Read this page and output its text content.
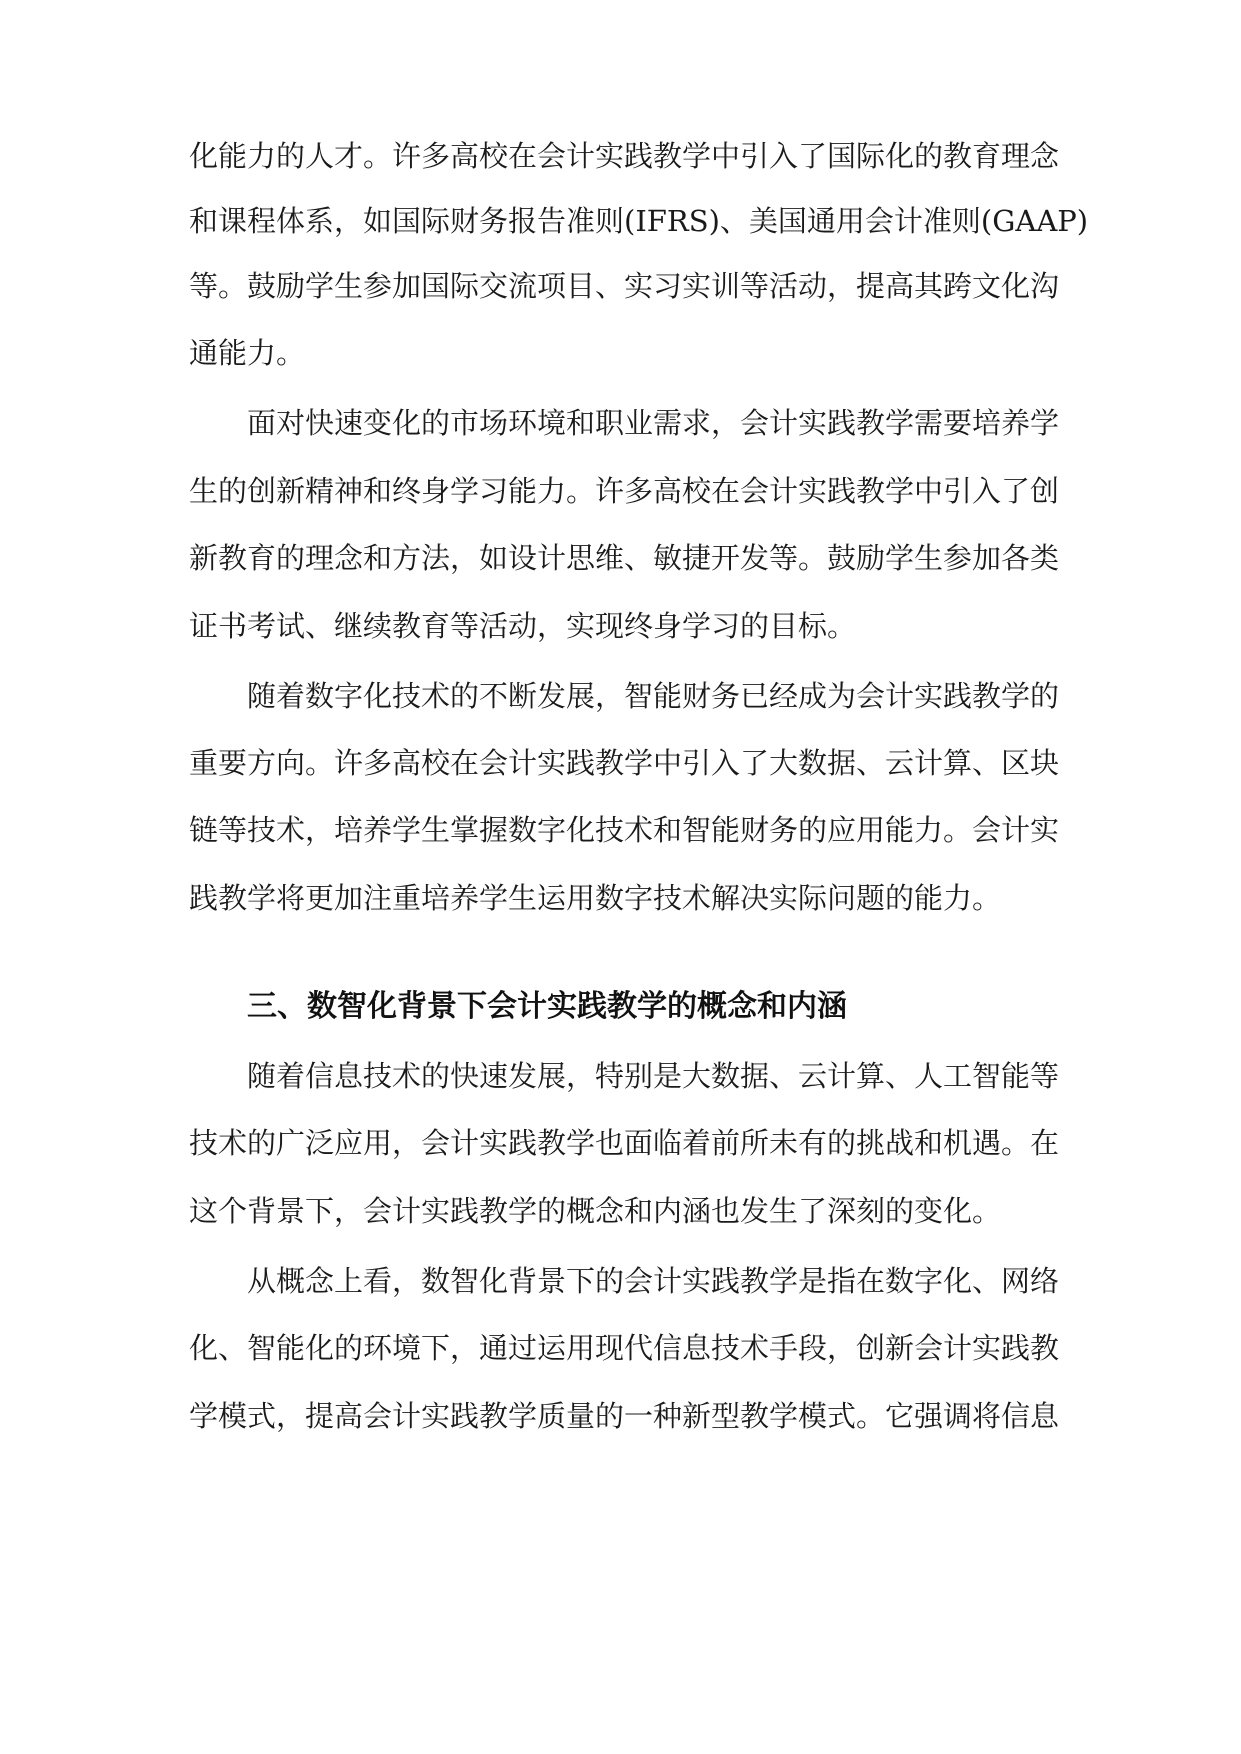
化能力的人才。许多高校在会计实践教学中引入了国际化的教育理念
和课程体系，如国际财务报告准则(IFRS)、美国通用会计准则(GAAP)
等。鼓励学生参加国际交流项目、实习实训等活动，提高其跨文化沟
通能力。
面对快速变化的市场环境和职业需求，会计实践教学需要培养学
生的创新精神和终身学习能力。许多高校在会计实践教学中引入了创
新教育的理念和方法，如设计思维、敏捷开发等。鼓励学生参加各类
证书考试、继续教育等活动，实现终身学习的目标。
随着数字化技术的不断发展，智能财务已经成为会计实践教学的
重要方向。许多高校在会计实践教学中引入了大数据、云计算、区块
链等技术，培养学生掌握数字化技术和智能财务的应用能力。会计实
践教学将更加注重培养学生运用数字技术解决实际问题的能力。
三、数智化背景下会计实践教学的概念和内涵
随着信息技术的快速发展，特别是大数据、云计算、人工智能等
技术的广泛应用，会计实践教学也面临着前所未有的挑战和机遇。在
这个背景下，会计实践教学的概念和内涵也发生了深刻的变化。
从概念上看，数智化背景下的会计实践教学是指在数字化、网络
化、智能化的环境下，通过运用现代信息技术手段，创新会计实践教
学模式，提高会计实践教学质量的一种新型教学模式。它强调将信息
